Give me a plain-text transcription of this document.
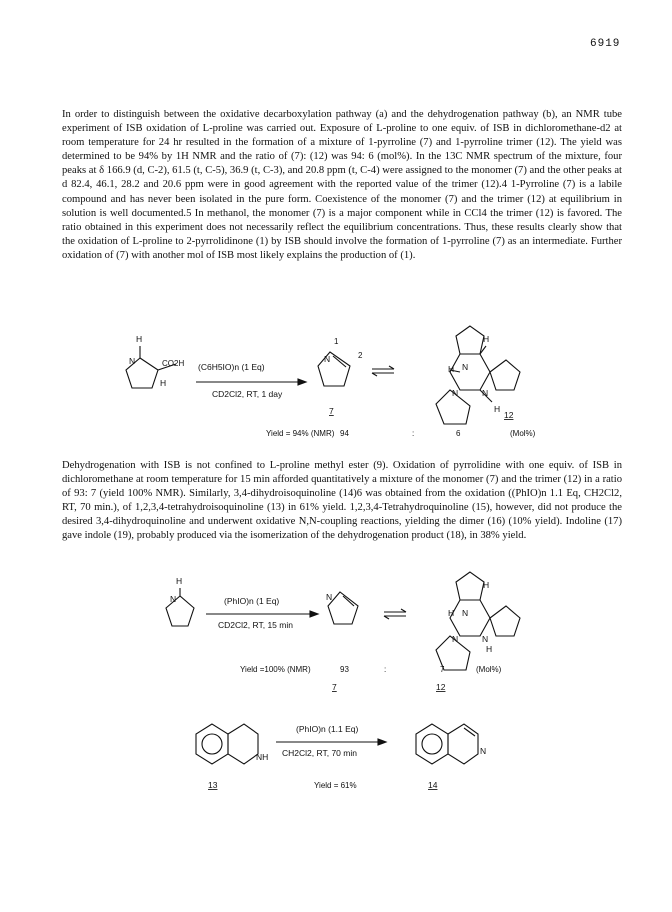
6919
In order to distinguish between the oxidative decarboxylation pathway (a) and the dehydrogenation pathway (b), an NMR tube experiment of ISB oxidation of L-proline was carried out. Exposure of L-proline to one equiv. of ISB in dichloromethane-d2 at room temperature for 24 hr resulted in the formation of a mixture of 1-pyrroline (7) and 1-pyrroline trimer (12). The yield was determined to be 94% by 1H NMR and the ratio of (7): (12) was 94: 6 (mol%). In the 13C NMR spectrum of the mixture, four peaks at δ 166.9 (d, C-2), 61.5 (t, C-5), 36.9 (t, C-3), and 20.8 ppm (t, C-4) were assigned to the monomer (7) and the other peaks at d 82.4, 46.1, 28.2 and 20.6 ppm were in good agreement with the reported value of the trimer (12).4 1-Pyrroline (7) is a labile compound and has never been isolated in the pure form. Coexistence of the monomer (7) and the trimer (12) at equilibrium in solution is well documented.5 In methanol, the monomer (7) is a major component while in CCl4 the trimer (12) is favored. The ratio obtained in this experiment does not necessarily reflect the equilibrium concentrations. Thus, these results clearly show that the oxidation of L-proline to 2-pyrrolidinone (1) by ISB should involve the formation of 1-pyrroline (7) as an intermediate. Further oxidation of (7) with another mol of ISB most likely explains the production of (1).
H
N
H
CO2H (C6H5IO)n (1 Eq)
CD2Cl2, RT, 1 day
1
2
N
7
H
H N
N	N
H
12
Yield = 94% (NMR) 94	:	6	(Mol%)
Dehydrogenation with ISB is not confined to L-proline methyl ester (9). Oxidation of pyrrolidine with one equiv. of ISB in dichloromethane at room temperature for 15 min afforded quantitatively a mixture of the monomer (7) and the trimer (12) in a ratio of 93: 7 (yield 100% NMR). Similarly, 3,4-dihydroisoquinoline (14)6 was obtained from the oxidation ((PhIO)n 1.1 Eq, CH2Cl2, RT, 70 min.), of 1,2,3,4-tetrahydroisoquinoline (13) in 61% yield. 1,2,3,4-Tetrahydroquinoline (15), however, did not produce the desired 3,4-dihydroquinoline and underwent oxidative N,N-coupling reactions, yielding the dimer (16) (10% yield). Indoline (17) gave indole (19), probably produced via the isomerization of the dehydrogenation product (18), in 38% yield.
H
N	(PhIO)n (1 Eq)
CD2Cl2, RT, 15 min
N
H
H N
N	N
H
Yield =100% (NMR)	93	:	7	(Mol%)
7	12
NH
(PhIO)n (1.1 Eq)
CH2Cl2, RT, 70 min	N
13	Yield = 61%	14
